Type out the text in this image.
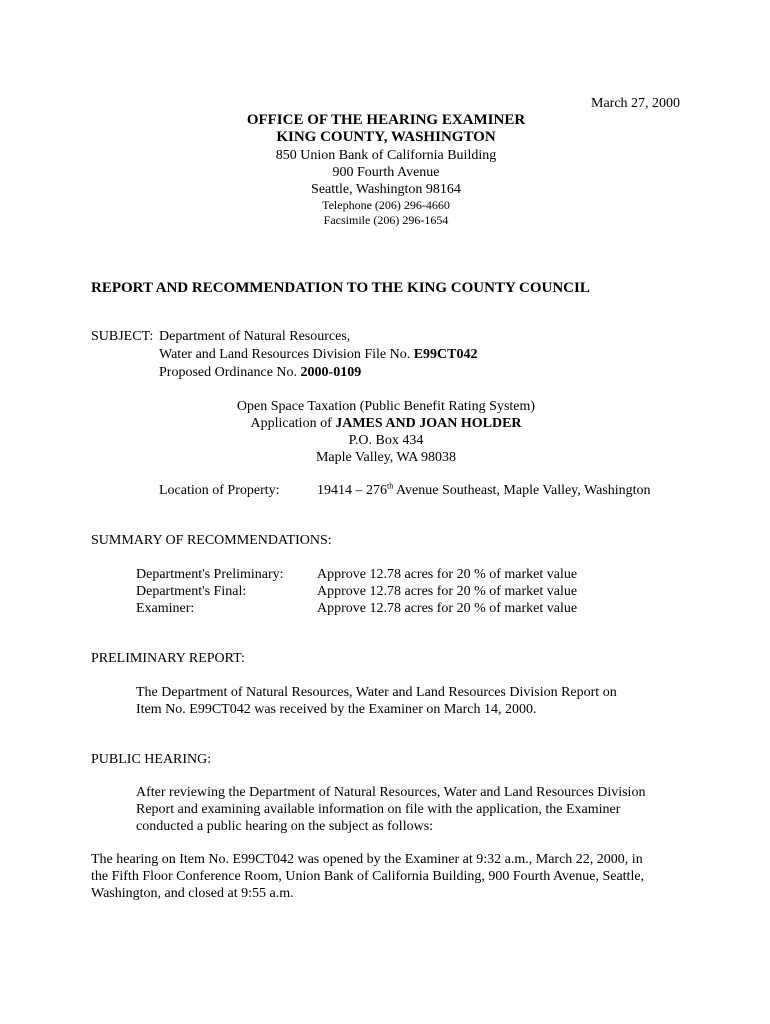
March 27, 2000
OFFICE OF THE HEARING EXAMINER
KING COUNTY, WASHINGTON
850 Union Bank of California Building
900 Fourth Avenue
Seattle, Washington 98164
Telephone (206) 296-4660
Facsimile (206) 296-1654
REPORT AND RECOMMENDATION TO THE KING COUNTY COUNCIL
SUBJECT: Department of Natural Resources,
Water and Land Resources Division File No. E99CT042
Proposed Ordinance No. 2000-0109
Open Space Taxation (Public Benefit Rating System)
Application of JAMES AND JOAN HOLDER
P.O. Box 434
Maple Valley, WA 98038
Location of Property:	19414 – 276th Avenue Southeast, Maple Valley, Washington
SUMMARY OF RECOMMENDATIONS:
Department's Preliminary: Approve 12.78 acres for 20 % of market value
Department's Final:	Approve 12.78 acres for 20 % of market value
Examiner:	Approve 12.78 acres for 20 % of market value
PRELIMINARY REPORT:
The Department of Natural Resources, Water and Land Resources Division Report on
Item No. E99CT042 was received by the Examiner on March 14, 2000.
PUBLIC HEARING:
After reviewing the Department of Natural Resources, Water and Land Resources Division
Report and examining available information on file with the application, the Examiner
conducted a public hearing on the subject as follows:
The hearing on Item No. E99CT042 was opened by the Examiner at 9:32 a.m., March 22, 2000, in
the Fifth Floor Conference Room, Union Bank of California Building, 900 Fourth Avenue, Seattle,
Washington, and closed at 9:55 a.m.
